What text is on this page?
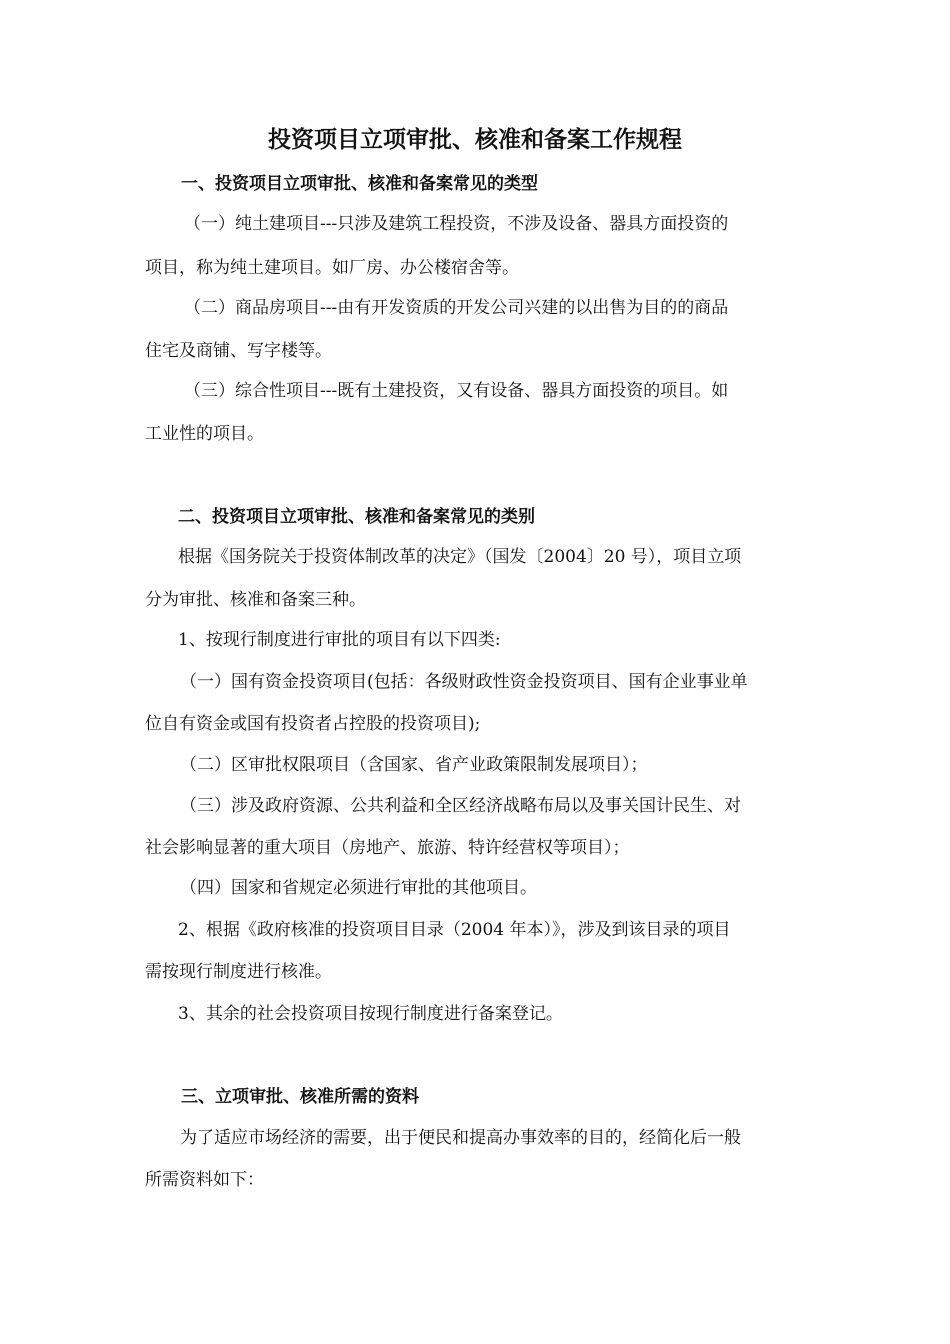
投资项目立项审批、核准和备案工作规程
一、投资项目立项审批、核准和备案常见的类型
（一）纯土建项目---只涉及建筑工程投资，不涉及设备、器具方面投资的
项目，称为纯土建项目。如厂房、办公楼宿舍等。
（二）商品房项目---由有开发资质的开发公司兴建的以出售为目的的商品
住宅及商铺、写字楼等。
（三）综合性项目---既有土建投资，又有设备、器具方面投资的项目。如
工业性的项目。
二、投资项目立项审批、核准和备案常见的类别
根据《国务院关于投资体制改革的决定》（国发〔2004〕20 号），项目立项
分为审批、核准和备案三种。
1、按现行制度进行审批的项目有以下四类:
（一）国有资金投资项目(包括：各级财政性资金投资项目、国有企业事业单
位自有资金或国有投资者占控股的投资项目);
（二）区审批权限项目（含国家、省产业政策限制发展项目）；
（三）涉及政府资源、公共利益和全区经济战略布局以及事关国计民生、对
社会影响显著的重大项目（房地产、旅游、特许经营权等项目）；
（四）国家和省规定必须进行审批的其他项目。
2、根据《政府核准的投资项目目录（2004 年本）》，涉及到该目录的项目
需按现行制度进行核准。
3、其余的社会投资项目按现行制度进行备案登记。
三、立项审批、核准所需的资料
为了适应市场经济的需要，出于便民和提高办事效率的目的，经简化后一般
所需资料如下：
